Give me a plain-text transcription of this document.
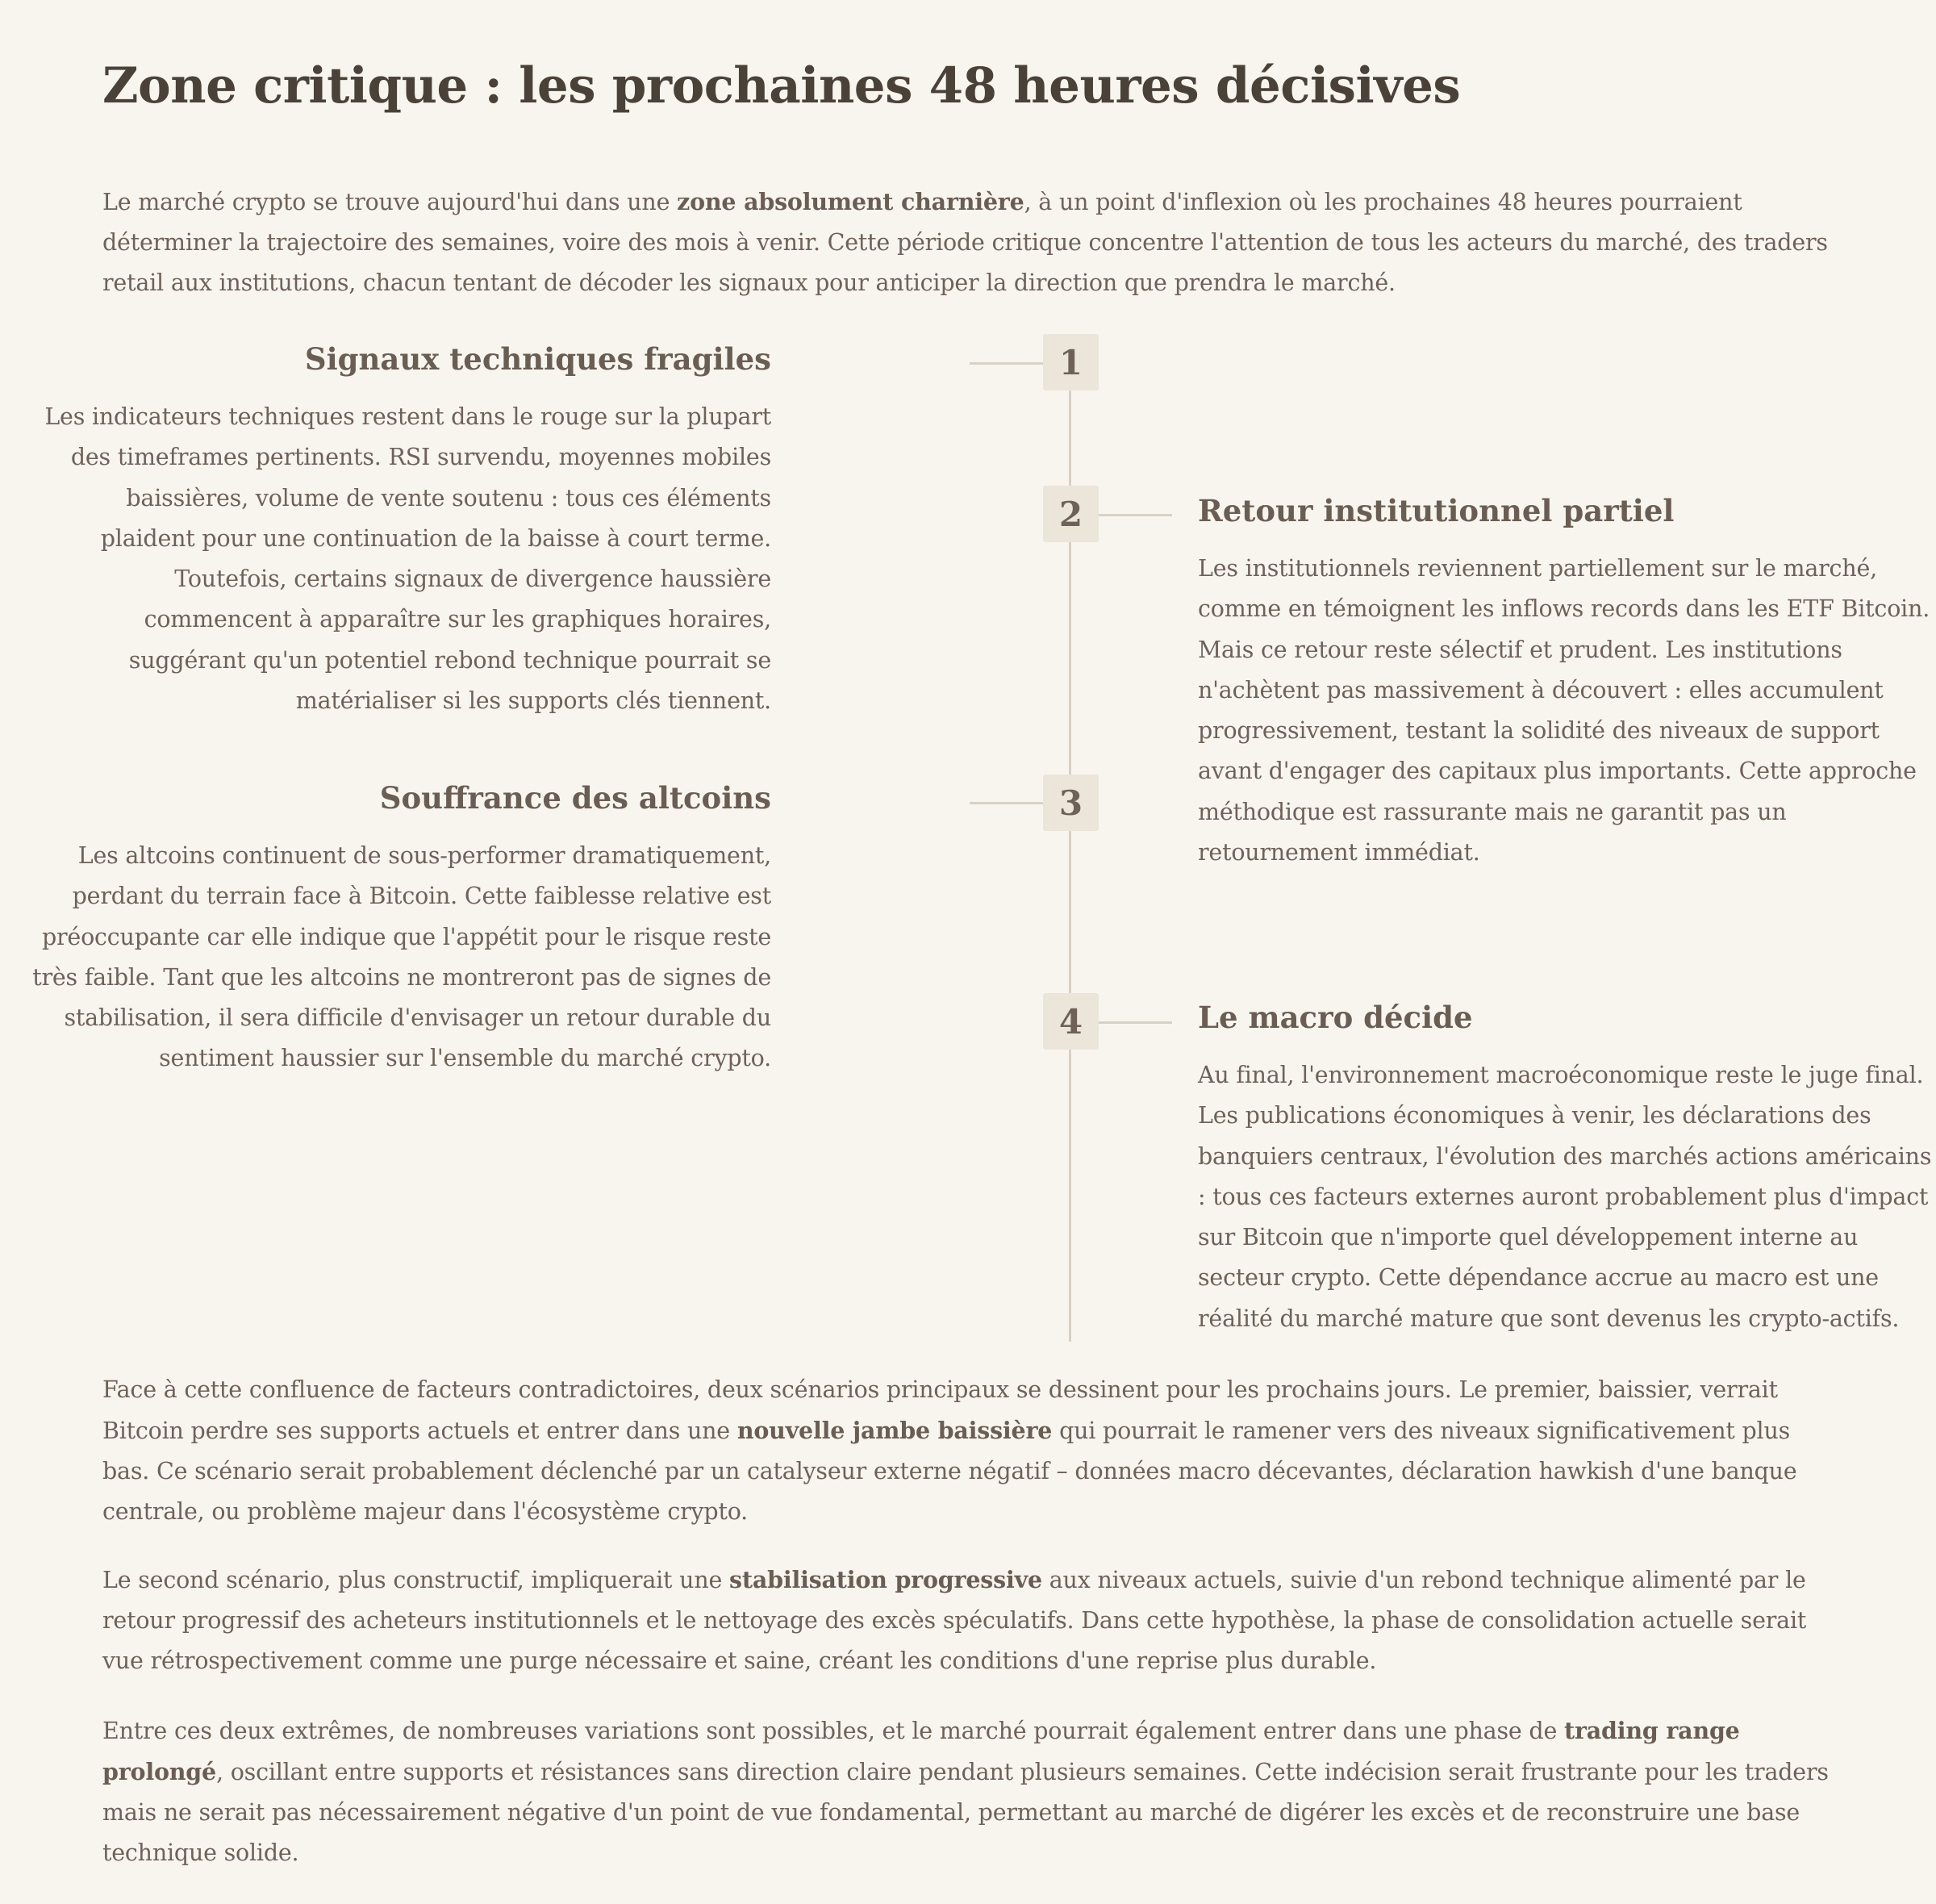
Zone critique : les prochaines 48 heures décisives

Le marché crypto se trouve aujourd'hui dans une zone absolument charnière, à un point d'inflexion où les prochaines 48 heures pourraient déterminer la trajectoire des semaines, voire des mois à venir. Cette période critique concentre l'attention de tous les acteurs du marché, des traders retail aux institutions, chacun tentant de décoder les signaux pour anticiper la direction que prendra le marché.

1
Signaux techniques fragiles

Les indicateurs techniques restent dans le rouge sur la plupart des timeframes pertinents. RSI survendu, moyennes mobiles baissières, volume de vente soutenu : tous ces éléments plaident pour une continuation de la baisse à court terme. Toutefois, certains signaux de divergence haussière commencent à apparaître sur les graphiques horaires, suggérant qu'un potentiel rebond technique pourrait se matérialiser si les supports clés tiennent.

2	Retour institutionnel partiel

Les institutionnels reviennent partiellement sur le marché, comme en témoignent les inflows records dans les ETF Bitcoin. Mais ce retour reste sélectif et prudent. Les institutions n'achètent pas massivement à découvert : elles accumulent progressivement, testant la solidité des niveaux de support avant d'engager des capitaux plus importants. Cette approche méthodique est rassurante mais ne garantit pas un retournement immédiat.

3
Souffrance des altcoins

Les altcoins continuent de sous-performer dramatiquement, perdant du terrain face à Bitcoin. Cette faiblesse relative est préoccupante car elle indique que l'appétit pour le risque reste très faible. Tant que les altcoins ne montreront pas de signes de stabilisation, il sera difficile d'envisager un retour durable du sentiment haussier sur l'ensemble du marché crypto.

4	Le macro décide

Au final, l'environnement macroéconomique reste le juge final. Les publications économiques à venir, les déclarations des banquiers centraux, l'évolution des marchés actions américains : tous ces facteurs externes auront probablement plus d'impact sur Bitcoin que n'importe quel développement interne au secteur crypto. Cette dépendance accrue au macro est une réalité du marché mature que sont devenus les crypto-actifs.

Face à cette confluence de facteurs contradictoires, deux scénarios principaux se dessinent pour les prochains jours. Le premier, baissier, verrait Bitcoin perdre ses supports actuels et entrer dans une nouvelle jambe baissière qui pourrait le ramener vers des niveaux significativement plus bas. Ce scénario serait probablement déclenché par un catalyseur externe négatif – données macro décevantes, déclaration hawkish d'une banque centrale, ou problème majeur dans l'écosystème crypto.

Le second scénario, plus constructif, impliquerait une stabilisation progressive aux niveaux actuels, suivie d'un rebond technique alimenté par le retour progressif des acheteurs institutionnels et le nettoyage des excès spéculatifs. Dans cette hypothèse, la phase de consolidation actuelle serait vue rétrospectivement comme une purge nécessaire et saine, créant les conditions d'une reprise plus durable.

Entre ces deux extrêmes, de nombreuses variations sont possibles, et le marché pourrait également entrer dans une phase de trading range prolongé, oscillant entre supports et résistances sans direction claire pendant plusieurs semaines. Cette indécision serait frustrante pour les traders mais ne serait pas nécessairement négative d'un point de vue fondamental, permettant au marché de digérer les excès et de reconstruire une base technique solide.
